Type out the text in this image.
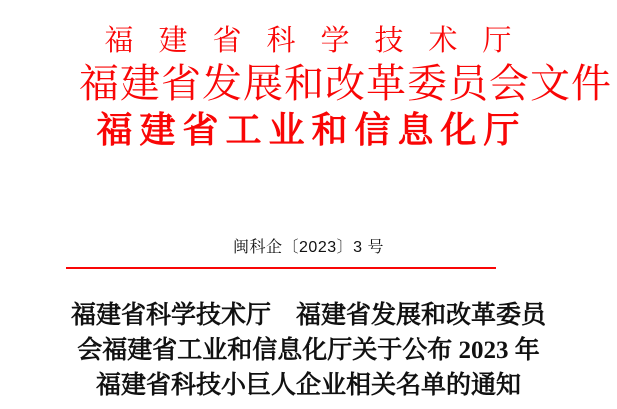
福建省科学技术厅
福建省发展和改革委员会文件
福建省工业和信息化厅
闽科企〔2023〕3 号
福建省科学技术厅　福建省发展和改革委员
会福建省工业和信息化厅关于公布 2023 年
福建省科技小巨人企业相关名单的通知
